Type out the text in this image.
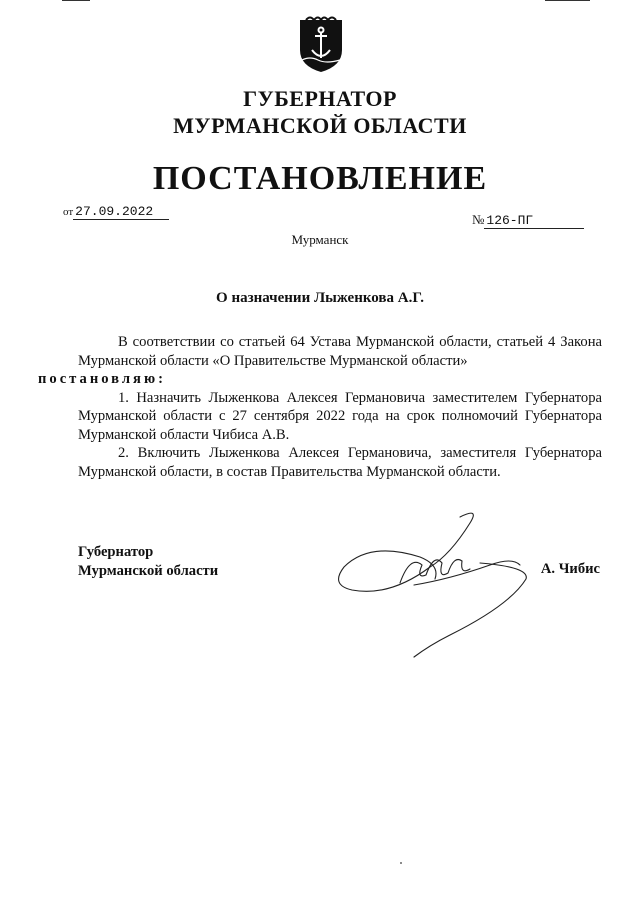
ГУБЕРНАТОР
МУРМАНСКОЙ ОБЛАСТИ
ПОСТАНОВЛЕНИЕ
от 27.09.2022
№ 126-ПГ
Мурманск
О назначении Лыженкова А.Г.

В соответствии со статьей 64 Устава Мурманской области, статьей 4 Закона Мурманской области «О Правительстве Мурманской области»
постановляю:

1. Назначить Лыженкова Алексея Германовича заместителем Губернатора Мурманской области с 27 сентября 2022 года на срок полномочий Губернатора Мурманской области Чибиса А.В.

2. Включить Лыженкова Алексея Германовича, заместителя Губернатора Мурманской области, в состав Правительства Мурманской области.

Губернатор
Мурманской области	А. Чибис
